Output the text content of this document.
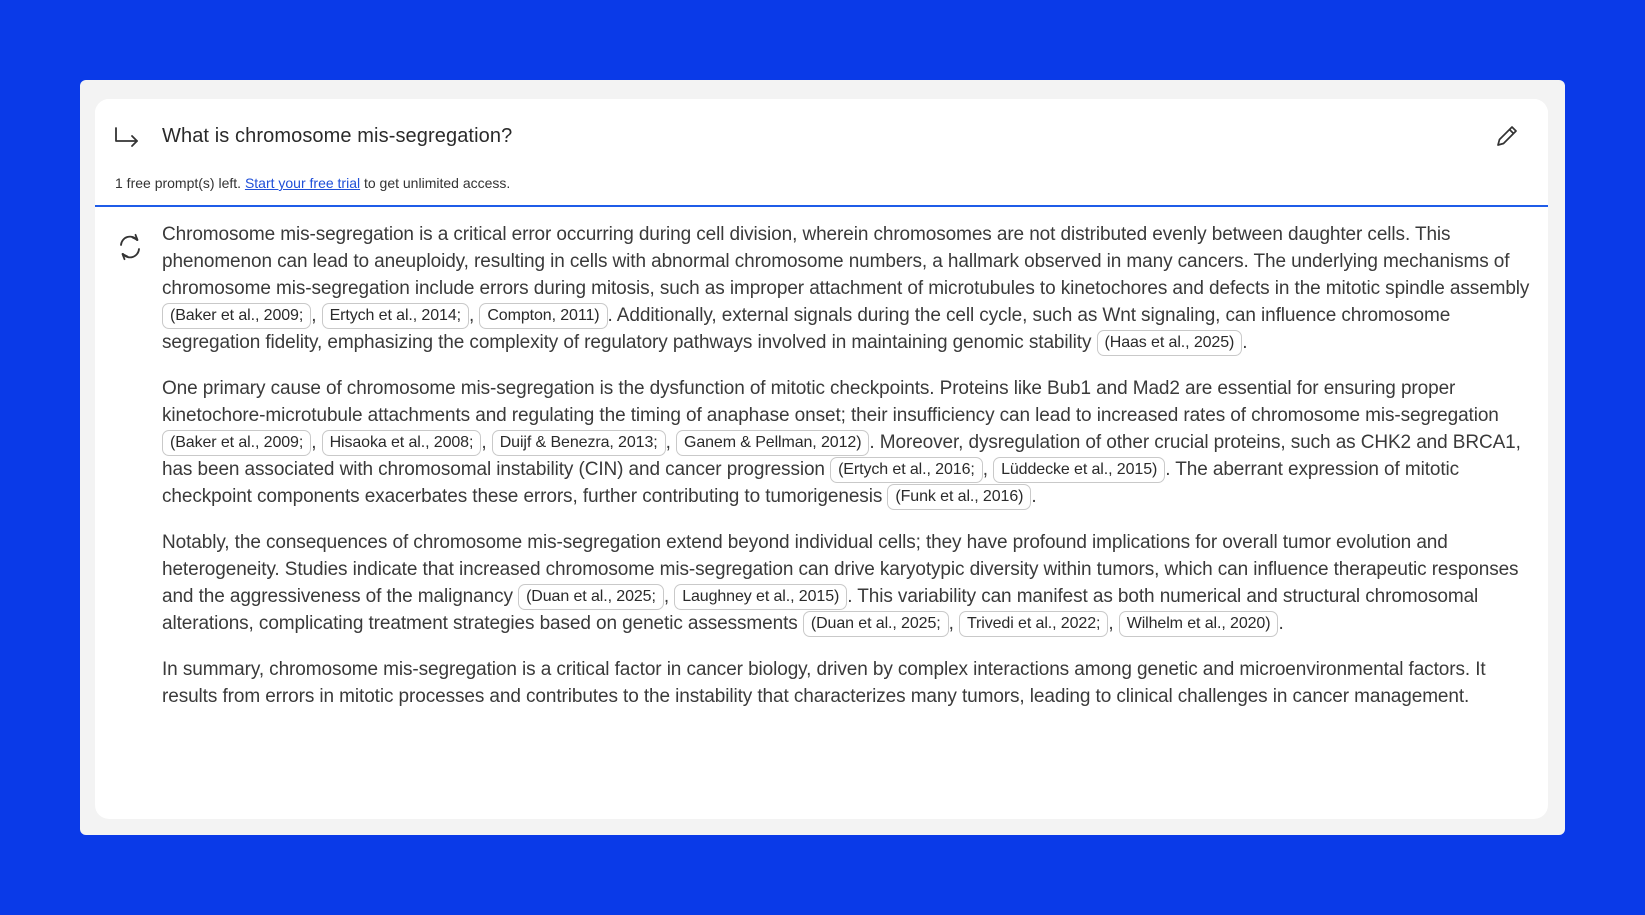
What is chromosome mis-segregation?
1 free prompt(s) left. Start your free trial to get unlimited access.

Chromosome mis-segregation is a critical error occurring during cell division, wherein chromosomes are not distributed evenly between daughter cells. This phenomenon can lead to aneuploidy, resulting in cells with abnormal chromosome numbers, a hallmark observed in many cancers. The underlying mechanisms of chromosome mis-segregation include errors during mitosis, such as improper attachment of microtubules to kinetochores and defects in the mitotic spindle assembly (Baker et al., 2009; , Ertych et al., 2014; , Compton, 2011) . Additionally, external signals during the cell cycle, such as Wnt signaling, can influence chromosome segregation fidelity, emphasizing the complexity of regulatory pathways involved in maintaining genomic stability (Haas et al., 2025) .

One primary cause of chromosome mis-segregation is the dysfunction of mitotic checkpoints. Proteins like Bub1 and Mad2 are essential for ensuring proper kinetochore-microtubule attachments and regulating the timing of anaphase onset; their insufficiency can lead to increased rates of chromosome mis-segregation (Baker et al., 2009; , Hisaoka et al., 2008; , Duijf & Benezra, 2013; , Ganem & Pellman, 2012) . Moreover, dysregulation of other crucial proteins, such as CHK2 and BRCA1, has been associated with chromosomal instability (CIN) and cancer progression (Ertych et al., 2016; , Lüddecke et al., 2015) . The aberrant expression of mitotic checkpoint components exacerbates these errors, further contributing to tumorigenesis (Funk et al., 2016) .

Notably, the consequences of chromosome mis-segregation extend beyond individual cells; they have profound implications for overall tumor evolution and heterogeneity. Studies indicate that increased chromosome mis-segregation can drive karyotypic diversity within tumors, which can influence therapeutic responses and the aggressiveness of the malignancy (Duan et al., 2025; , Laughney et al., 2015) . This variability can manifest as both numerical and structural chromosomal alterations, complicating treatment strategies based on genetic assessments (Duan et al., 2025; , Trivedi et al., 2022; , Wilhelm et al., 2020) .

In summary, chromosome mis-segregation is a critical factor in cancer biology, driven by complex interactions among genetic and microenvironmental factors. It results from errors in mitotic processes and contributes to the instability that characterizes many tumors, leading to clinical challenges in cancer management.
